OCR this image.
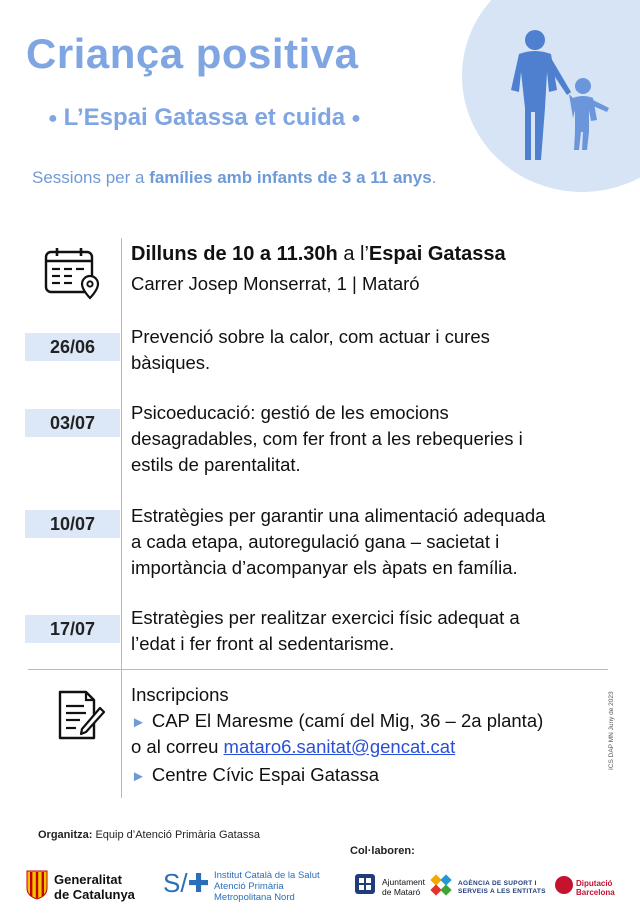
Criança positiva
● L’Espai Gatassa et cuida ●
Sessions per a famílies amb infants de 3 a 11 anys.
Dilluns de 10 a 11.30h a l’Espai Gatassa
Carrer Josep Monserrat, 1 | Mataró
26/06	Prevenció sobre la calor, com actuar i cures
bàsiques.
03/07	Psicoeducació: gestió de les emocions
desagradables, com fer front a les rebequeries i
estils de parentalitat.
10/07	Estratègies per garantir una alimentació adequada
a cada etapa, autoregulació gana – sacietat i
importància d’acompanyar els àpats en família.
17/07
Estratègies per realitzar exercici físic adequat a
l’edat i fer front al sedentarisme.
Inscripcions
► CAP El Maresme (camí del Mig, 36 – 2a planta)
o al correu mataro6.sanitat@gencat.cat
► Centre Cívic Espai Gatassa
ICS DAP MN Juny de 2023
Organitza: Equip d’Atenció Primària Gatassa
Col·laboren:
Generalitat
de Catalunya S/✚ Institut Català de la Salut
Atenció Primària
Metropolitana Nord
Ajuntament
de Mataró
AGÈNCIA DE SUPORT I
SERVEIS A LES ENTITATS
Diputació
Barcelona
